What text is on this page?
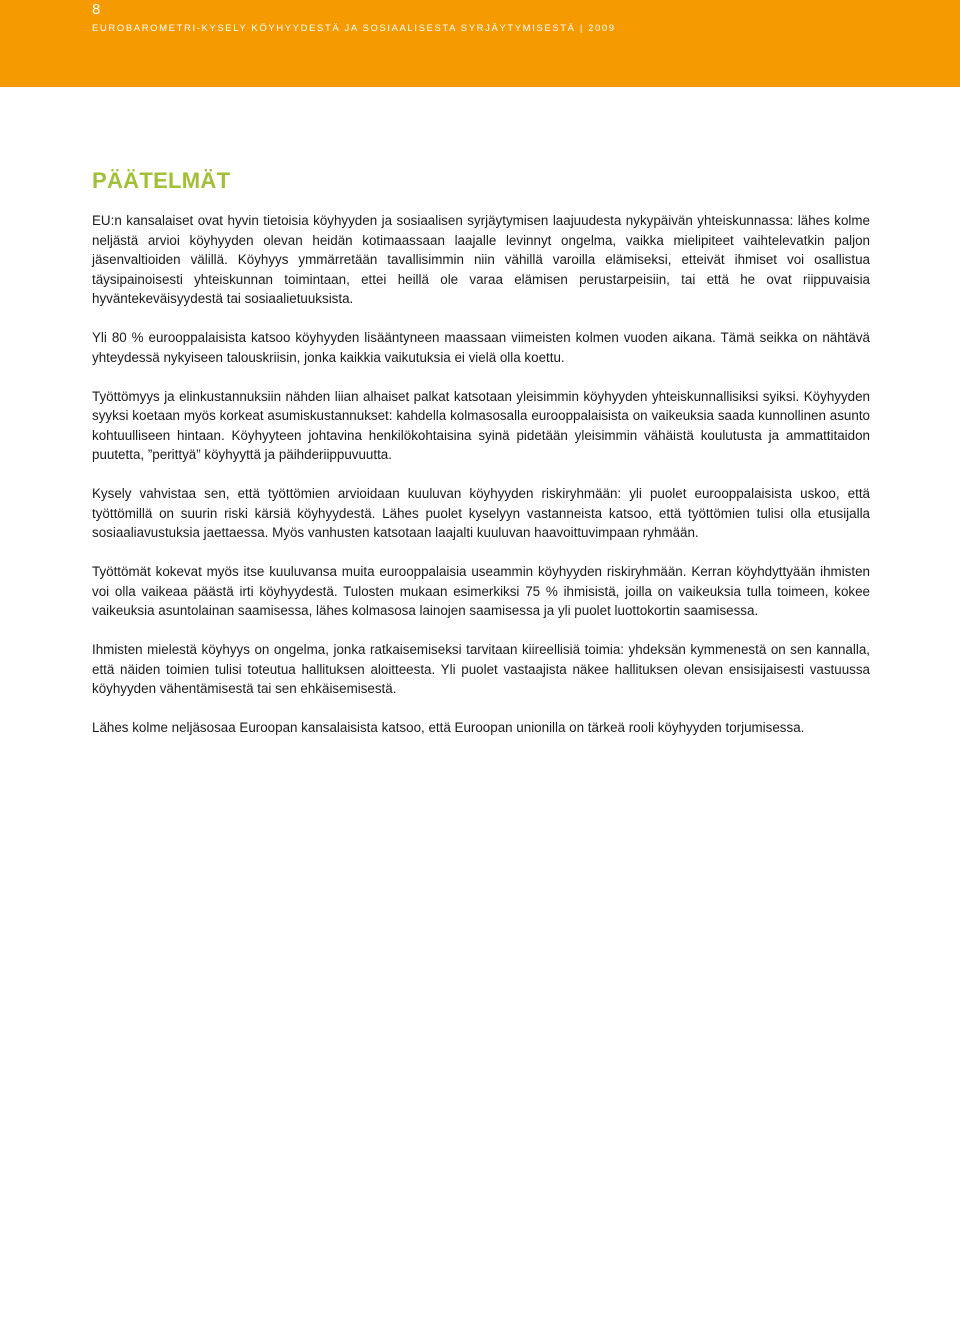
8
EUROBAROMETRI-KYSELY KÖYHYYDESTÄ JA SOSIAALISESTA SYRJÄYTYMISESTÄ | 2009
PÄÄTELMÄT

EU:n kansalaiset ovat hyvin tietoisia köyhyyden ja sosiaalisen syrjäytymisen laajuudesta nykypäivän yhteiskunnassa: lähes kolme neljästä arvioi köyhyyden olevan heidän kotimaassaan laajalle levinnyt ongelma, vaikka mielipiteet vaihtelevatkin paljon jäsenvaltioiden välillä. Köyhyys ymmärretään tavallisimmin niin vähillä varoilla elämiseksi, etteivät ihmiset voi osallistua täysipainoisesti yhteiskunnan toimintaan, ettei heillä ole varaa elämisen perustarpeisiin, tai että he ovat riippuvaisia hyväntekeväisyydestä tai sosiaalietuuksista.

Yli 80 % eurooppalaisista katsoo köyhyyden lisääntyneen maassaan viimeisten kolmen vuoden aikana. Tämä seikka on nähtävä yhteydessä nykyiseen talouskriisin, jonka kaikkia vaikutuksia ei vielä olla koettu.

Työttömyys ja elinkustannuksiin nähden liian alhaiset palkat katsotaan yleisimmin köyhyyden yhteiskunnallisiksi syiksi. Köyhyyden syyksi koetaan myös korkeat asumiskustannukset: kahdella kolmasosalla eurooppalaisista on vaikeuksia saada kunnollinen asunto kohtuulliseen hintaan. Köyhyyteen johtavina henkilökohtaisina syinä pidetään yleisimmin vähäistä koulutusta ja ammattitaidon puutetta, ”perittyä” köyhyyttä ja päihderiippuvuutta.

Kysely vahvistaa sen, että työttömien arvioidaan kuuluvan köyhyyden riskiryhmään: yli puolet eurooppalaisista uskoo, että työttömillä on suurin riski kärsiä köyhyydestä. Lähes puolet kyselyyn vastanneista katsoo, että työttömien tulisi olla etusijalla sosiaaliavustuksia jaettaessa. Myös vanhusten katsotaan laajalti kuuluvan haavoittuvimpaan ryhmään.

Työttömät kokevat myös itse kuuluvansa muita eurooppalaisia useammin köyhyyden riskiryhmään. Kerran köyhdyttyään ihmisten voi olla vaikeaa päästä irti köyhyydestä. Tulosten mukaan esimerkiksi 75 % ihmisistä, joilla on vaikeuksia tulla toimeen, kokee vaikeuksia asuntolainan saamisessa, lähes kolmasosa lainojen saamisessa ja yli puolet luottokortin saamisessa.

Ihmisten mielestä köyhyys on ongelma, jonka ratkaisemiseksi tarvitaan kiireellisiä toimia: yhdeksän kymmenestä on sen kannalla, että näiden toimien tulisi toteutua hallituksen aloitteesta. Yli puolet vastaajista näkee hallituksen olevan ensisijaisesti vastuussa köyhyyden vähentämisestä tai sen ehkäisemisestä.

Lähes kolme neljäsosaa Euroopan kansalaisista katsoo, että Euroopan unionilla on tärkeä rooli köyhyyden torjumisessa.
